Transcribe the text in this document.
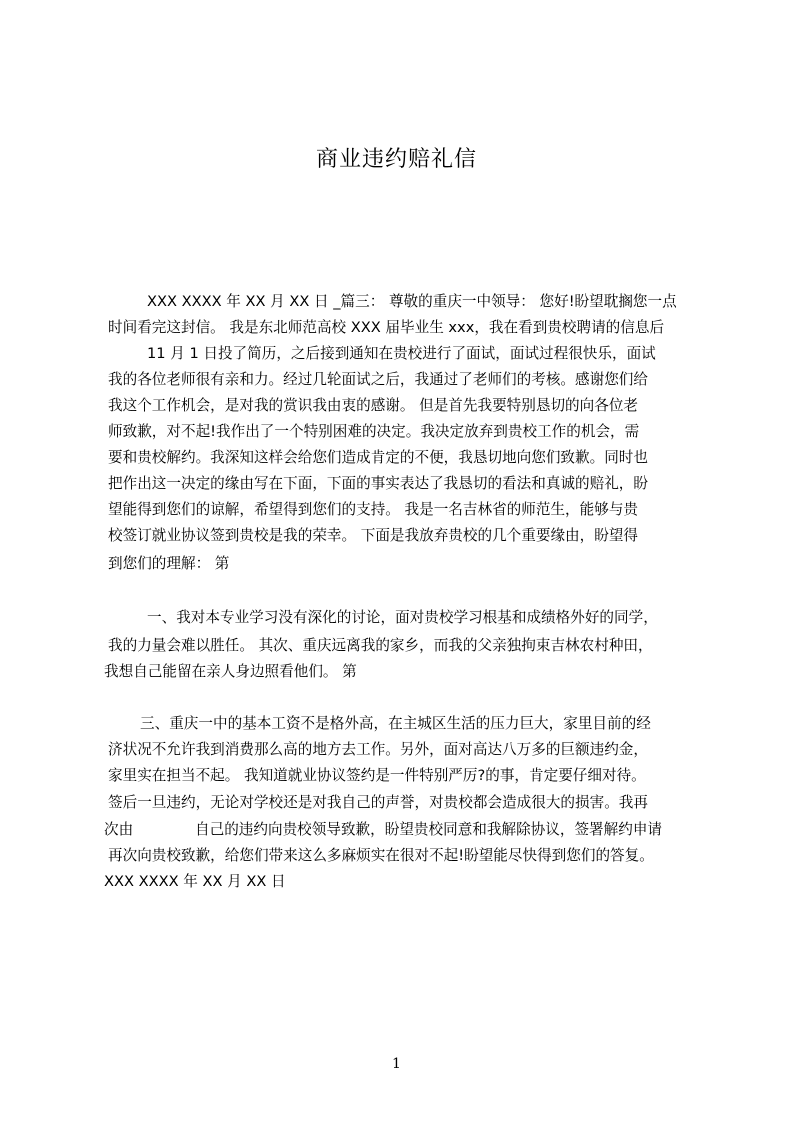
商业违约赔礼信
XXX XXXX 年 XX 月 XX 日 _篇三： 尊敬的重庆一中领导： 您好!盼望耽搁您一点
时间看完这封信。 我是东北师范高校 XXX 届毕业生 xxx，我在看到贵校聘请的信息后
11 月 1 日投了简历，之后接到通知在贵校进行了面试，面试过程很快乐，面试
我的各位老师很有亲和力。经过几轮面试之后，我通过了老师们的考核。感谢您们给
我这个工作机会，是对我的赏识我由衷的感谢。 但是首先我要特别恳切的向各位老
师致歉，对不起!我作出了一个特别困难的决定。我决定放弃到贵校工作的机会，需
要和贵校解约。我深知这样会给您们造成肯定的不便，我恳切地向您们致歉。同时也
把作出这一决定的缘由写在下面，下面的事实表达了我恳切的看法和真诚的赔礼，盼
望能得到您们的谅解，希望得到您们的支持。 我是一名吉林省的师范生，能够与贵
校签订就业协议签到贵校是我的荣幸。 下面是我放弃贵校的几个重要缘由，盼望得
到您们的理解： 第
一、我对本专业学习没有深化的讨论，面对贵校学习根基和成绩格外好的同学，
我的力量会难以胜任。 其次、重庆远离我的家乡，而我的父亲独拘束吉林农村种田，
我想自己能留在亲人身边照看他们。 第
三、重庆一中的基本工资不是格外高，在主城区生活的压力巨大，家里目前的经
济状况不允许我到消费那么高的地方去工作。另外，面对高达八万多的巨额违约金，
家里实在担当不起。 我知道就业协议签约是一件特别严厉?的事，肯定要仔细对待。
签后一旦违约，无论对学校还是对我自己的声誉，对贵校都会造成很大的损害。我再
次由	自己的违约向贵校领导致歉，盼望贵校同意和我解除协议，签署解约申请
再次向贵校致歉，给您们带来这么多麻烦实在很对不起!盼望能尽快得到您们的答复。
XXX XXXX 年 XX 月 XX 日
1
